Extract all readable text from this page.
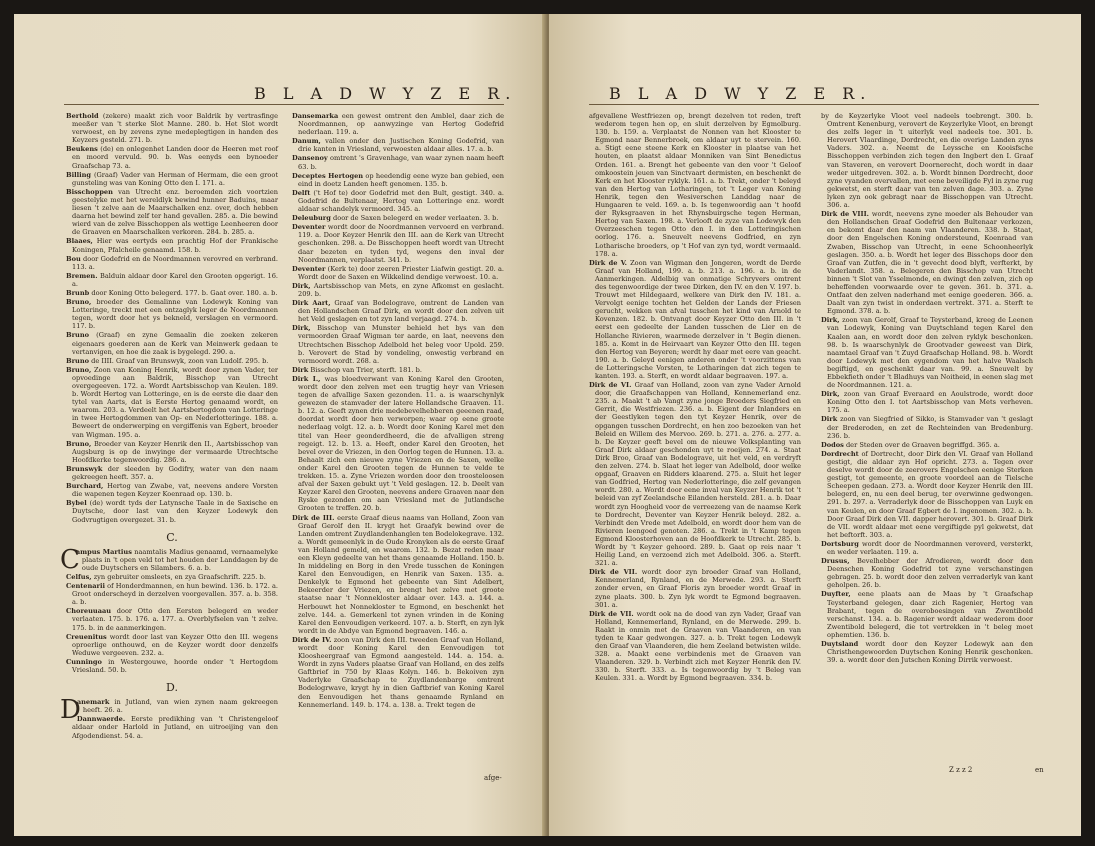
B L A D W Y Z E R.

Berthold (zekere) maakt zich voor Baldrik by vertrasfinge meeßer van 't sterke Slot Manne. 280. b. Het Slot wordt verwoest, en by zevens zyne medeplegtigen in handen des Keyzers gesteld. 271. b.

Beukens (de) en onlegenhet Landen door de Heeren met roof en moord vervuld. 90. b. Was eenyds een bynoeder Graafschap 73. a.

Billing (Graaf) Vader van Herman of Hermam, die een groot gunsteling was van Koning Otto den I. 171. a.

Bisschoppen van Utrecht enz. beroemden zich voortzien geestelyke met het wereldlyk bewind hunner Baduins, maar liesen 't zelve aan de Maarschalken enz. over, doch hebben daarna het bewind zelf ter hand gevallen. 285. a. Die bewind wierd van de zelve Bisschoppen als wettige Leenheeren door de Graaven en Maarschalken verkoren. 284. b. 285. a.

Blaaes, Hier was eertyds een prachtig Hof der Frankische Koningen, Pfalcheile genaamd. 158. b.

Bou door Godefrid en de Noordmannen verovred en verbrand. 113. a.

Bremen. Balduin aldaar door Karel den Grooten opgerigt. 16. a.

Brunb door Koning Otto belegerd. 177. b. Gaat over. 180. a. b.

Bruno, broeder des Gemalinne van Lodewyk Koning van Lotteringe, treckt met een ontzaglyk leger de Noordmannen tegen, wordt door het ys bekneld, verslagen en vermoord. 117. b.

Bruno (Graaf) en zyne Gemaalin die zoeken zekeren eigenaars goederen aan de Kerk van Meinwerk gedaan te vertanvigen, en hoe die zaak is bygelegd. 290. a.

Bruno de IIII. Graaf van Brunswyk, zoon van Ludolf. 295. b.

Bruno, Zoon van Koning Henrik, wordt door zynen Vader, ter opvoedinge aan Baldrik, Bisschop van Utrecht overgegeeven. 172. a. Wordt Aartsbisschop van Keulen. 189. b. Wordt Hertog van Lotteringe, en is de eerste die daar den tytel van Aarts, dat is Eerste Hertog genaamd wordt, en waarom. 203. a. Verdeelt het Aartsbertogdom van Lotteringe in twee Hertogdommen van Op- en Nederlotteringe. 188. a. Beweert de onderwerping en vergiffenis van Egbert, broeder van Wigman. 195. a.

Bruno, Broeder van Keyzer Henrik den II., Aartsbisschop van Augsburg is op de inwyinge der vermaarde Utrechtsche Hoofdkerke tegenwoordig. 286. a.

Brunswyk der sleeden by Godifry, water van den naam gekreegen heeft. 357. a.

Burchard, Hertog van Zwabe, vat, neevens andere Vorsten die wapenen tegen Keyzer Koenraad op. 130. b.

Bybel (de) wordt tyds der Latynsche Taale in de Saxische en Duytsche, door last van den Keyzer Lodewyk den Godvrugtigen overgezet. 31. b.

C.

C
ampus Martius naamtalis Madius genaamd, vernaamelyke plaats in 't open veld tot het houden der Landdagen by de oude Duytschers en Silambers. 6. a. b.

Celfus, zyn gebruiter omsleets, en zya Graafschrift. 225. b.

Centenarii of Honderdmannen, en hun bewind. 136. b. 172. a. Groot onderscheyd in derzelven voorgevallen. 357. a. b. 358. a. b.

Choreuuaau door Otto den Eersten belegerd en weder verlaaten. 175. b. 176. a. 177. a. Overblyfselen van 't zelve. 175. b. in de aanmerkingen.

Creuenitus wordt door last van Keyzer Otto den III. wegens oproerlige onthouwd, en de Keyzer wordt door denzelfs Weduwe vergeeven. 232. a.

Cunningo in Westergouwe, hoorde onder 't Hertogdom Vriesland. 50. b.

D.

D
anemark in Jutland, van wien zynen naam gekreegen heeft. 26. a.

Dannwaerde. Eerste predikhing van 't Christengeloof aldaar onder Harlold in Jutland, en uitroeijing van den Afgodendienst. 54. a.

Dansemarka een gewest omtrent den Amblel, daar zich de Noordmannen, op aanwyzinge van Hertog Godefrid nederlaan. 119. a.

Danum, vallen onder den Justischen Koning Godefrid, van drie kanten in Vriesland, verwoesten aldaar alles. 17. a. b.

Dansenoy omtrent 's Gravenhage, van waar zynen naam heeft 63. b.

Deceptes Hertogen op heedendig eene wyze ban gebied, een eind in doetz Landen heeft genomen. 135. b.

Delft ('t Hof te) door Godefrid met den Bult, gestigt. 340. a. Godefrid de Bultenaar, Hertog van Lotteringe enz. wordt aldaar schandelyk vermoord. 345. a.

Deleuburg door de Saxen belegerd en weder verlaaten. 3. b.

Deventer wordt door de Noordmannen vervoerd en verbrand. 119. a. Door Keyzer Henrik den III. aan de Kerk van Utrecht geschonken. 298. a. De Bisschoppen heeft wordt van Utrecht daar bezeten en tyden tyd, wegens den inval der Noordmannen, verplaatst. 341. b.

Deventer (Kerk te) door zeeren Priester Liafwin gestigt. 20. a. Wordt door de Saxen en Wikkelind dendige verwoest. 10. a.

Dirk, Aartsbisschop van Mets, en zyne Afkomst en geslacht. 209. b.

Dirk Aart, Graaf van Bodelograve, omtrent de Landen van den Hollandschen Graaf Dirk, en wordt door den zelven uit het Veld geslagen en tot zyn land verjaagd. 274. b.

Dirk, Bisschop van Munster behield het bys van den vermoorden Graaf Wigman ter aarde, en laat, neevens den Utrechtschen Bisschop Adelbold het beleg voor Upold. 259. b. Verovert de Stad by vondeling, onwestig verbrand en vermoord wordt. 268. a.

Dirk Bisschop van Trier, sterft. 181. b.

Dirk I., was bloedverwant van Koning Karel den Grooten, wordt door den zelven met een trugtig heyr van Vriesen tegen de afvallige Saxen gezonden. 11. a. is waarschynlyk gewezen de stamvader der latere Hollandsche Graaven. 11. b. 12. a. Geeft zynen drie medebevelhebberen geeenen raad, doordat wordt door hen verworpen; waar op eene groote nederlaag volgt. 12. a. b. Wordt door Koning Karel met den titel van Heer geonderdheerd, die de afvalligen streng regeigt. 12. b. 13. a. Heeft, onder Karel den Grooten, het bevel over de Vriezen, in den Oorlog tegen de Hunnen. 13. a. Behaalt zich een nieuwe zyne Vriezen en de Saxen, welke onder Karel den Grooten tegen de Hunnen te velde te trekken. 15. a. Zyne Vriezen worden door den troosteloosen afval der Saxen gebukt uyt 't Veld geslagen. 12. b. Deelt van Keyzer Karel den Grooten, neevens andere Graaven naar den Ryske gezonden om aan Vriesland met de Jutlandsche Grooten te treffen. 20. b.

Dirk de III. eerste Graaf dieus naams van Holland, Zoon van Graaf Gerolf den II. krygt het Graafyk bewind over de Landen omtrent Zuydlandenhanglen ten Bodelokegrave. 132. a. Wordt gemeenlyk in de Oude Kronyken als de eerste Graaf van Holland gemeld, en waarom. 132. b. Bezat reden maar een Kleyn gedeelte van het thans genaamde Holland. 150. b. In middeling en Borg in den Vrede tusschen de Koningen Karel den Eenvoudigen, en Henrik van Saxen. 135. a. Denkelyk te Egmond het gebeente van Sint Adelbert, Bekeerder der Vriezen, en brengt het zelve met groote staatse naar 't Nonnekloster aldaar over. 143. a. 144. a. Herbouwt het Nonnekloster te Egmond, en beschenkt het zelve. 144. a. Gemerkenl tot zynen vrinden in de Koning Karel den Eenvoudigen verkeerd. 107. a. b. Sterft, en zyn lyk wordt in de Abdye van Egmond begraaven. 146. a.

Dirk de IV. zoon van Dirk den III. tweeden Graaf van Holland, wordt door Koning Karel den Eenvoudigen tot Kloosheergraaf van Egmond aangesteld. 144. a. 154. a. Wordt in zyns Vaders plaatse Graaf van Holland, en des zelfs Gaftbrief in 750 by Klaas Kolyn. 146. b. Bekoiven zyn Vaderlyke Graafschap te Zuydlandenbarge omtrent Bodelogrwave, krygt hy in dien Gaftbrief van Koning Karel den Eenvoudigen het thans genaamde Rynland en Kennemerland. 149. b. 174. a. 138. a. Trekt tegen de

afge-
B L A D W Y Z E R.

afgevallene Westfriezen op, brengt dezelven tot reden, treft wederom tegen hen op, en sluit derzelven by Egmolburg. 130. b. 159. a. Verplaatst de Nonnen van het Klooster te Egmond naar Bennerbroek, om aldaar uyt te stervein. 160. a. Stigt eene steene Kerk en Klooster in plaatse van het houten, en plaatst aldaar Monniken van Sint Benedictus Orden. 161. a. Brengt het gebeente van den voor 't Geloof omkoostein jeuen van Sinctvaart dermisten, en beschenkt de Kerk en het Klooster ryklyk. 161. a. b. Trekt, onder 't beleyd van den Hertog van Lotharingen, tot 't Leger van Koning Henrik, tegen den Wesiverschen Landdag naar de Hungaaren te veld. 169. a. b. Is tegenwoordig aan 't hoofd der Ryksgraaven in het Rhynsbuirgsche tegen Herman, Hertog van Saxen. 198. a. Verlooft de zyze van Lodewyk den Overzeeschen tegen Otto den I. in den Lotteringischen oorlog. 176. a. Sneuvelt neevens Godfried, en zyn Lotharische broeders, op 't Hof van zyn tyd, wordt vermaald. 178. a.

Dirk de V. Zoon van Wigman den Jongeren, wordt de Derde Graaf van Holland, 199. a. b. 213. a. 196. a. b. in de Aanmerkingen. Aldelbig van onmatige Schryvers omtrent des tegenwoordige der twee Dirken, den IV. en den V. 197. b. Trouwt met Hildegaard, welkere van Dirk den IV. 181. a. Vervolgt eenige tochten het Gelden der Lands der Friesen gerucht, wekken van afval tusschen het kind van Arnold te Kovenzen. 182. b. Ontvangt door Keyzer Otto den III. in 't eerst een gedeelte der Landen tusschen de Lier en de Hollanche Rivieren, waarmede derzelver in 't Begin dienen. 185. a. Komt in de Heirvaart van Keyzer Otto den III. tegen den Hertog van Beyeren; werdt hy daar met eere van geacht. 190. a. b. Geleyd eenigen anderen onder 't voorzittens van de Lotteringsche Vorsten, te Lotharingen dat zich tegen te kanten. 193. a. Sterft, en wordt aldaar begraaven. 197. a.

Dirk de VI. Graaf van Holland, zoon van zyne Vader Arnold door, die Graafschappen van Holland, Kennemerland enz. 235. a. Maakt 't ab Vangt zyne jonge Broeders Siegfried en Gerrit, die Westfriezen. 236. a. b. Eigent der Inlanders en der Geestlyken tegen den tyt Keyzer Henrik, over de opgangen tusschen Dordrecht, en hen zoo bezoeken van het Beleid en Willem des Mervoo. 269. b. 271. a. 276. a. 277. a. b. De Keyzer geeft bevel om de nieuwe Volksplanting van Graaf Dirk aldaar geschonden uyt te roeijen. 274. a. Staat Dirk Broo, Graaf van Bodelograve, uit het veld, en verdryft den zelven. 274. b. Slaat het leger van Adelbold, door welke opgaaf, Graaven en Ridders klaarend. 275. a. Sluit het leger van Godfried, Hertog van Nederlotteringe, die zelf gevangen wordt. 280. a. Wordt door eene inval van Keyzer Henrik tot 't beleid van zyf Zeelandsche Eilanden hersteld. 281. a. b. Daar wordt zyn Hoogheid voor de verreezeng van de naamse Kerk te Dordrecht, Deventer van Keyzer Henrik beleyd. 282. a. Verbindt den Vrede met Adelbold, en wordt door hem van de Rivieren leengoed genoten. 286. a. Trekt in 't Kamp tegen Egmond Kloosterhoven aan de Hoofdkerk te Utrecht. 285. b. Wordt by 't Keyzer gehoord. 289. b. Gaat op reis naar 't Heilig Land, en verzoend zich met Adelbold. 306. a. Sterft. 321. a.

Dirk de VII. wordt door zyn broeder Graaf van Holland, Kennemerland, Rynland, en de Merwede. 293. a. Sterft zonder erven, en Graaf Floris zyn broeder wordt Graaf in zyne plaats. 300. b. Zyn lyk wordt te Egmond begraaven. 301. a.

Dirk de VII. wordt ook na de dood van zyn Vader, Graaf van Holland, Kennemerland, Rynland, en de Merwede. 299. b. Raakt in onmin met de Graaven van Vlaanderen, en van tyden te Kaar gedwongen. 327. a. b. Trekt tegen Lodewyk den Graaf van Vlaanderen, die hem Zeeland betwisten wilde. 328. a. Maakt eene verbindenis met de Graaven van Vlaanderen. 329. b. Verbindt zich met Keyzer Henrik den IV. 330. b. Sterft. 333. a. Is tegenwoordig by 't Beleg van Keulen. 331. a. Wordt by Egmond begraaven. 334. b.

by de Keyzerlyke Vloot veel nadeels toebrengt. 300. b. Omtrent Kenenburg, verovert de Keyzerlyke Vloot, en brengt des zelfs leger in 't uiterlyk veel nadeels toe. 301. b. Herovert Vlaardinge, Dordrecht, en die overige Landen zyns Vaders. 302. a. Neemt de Leyssche en Kooisfsche Bisschoppen verbinden zich tegen den Ingbert den I. Graaf van Staveren, en verovert Doornerecht, doch wordt in daar weder uitgedreven. 302. a. b. Wordt binnen Dordrecht, door zyne vyanden overvallen, met eene beveiligde Fyl in zyne rug gekwetst, en sterft daar van ten zelven dage. 303. a. Zyne lyken zyn ook gebragt naar de Bisschoppen van Utrecht. 306. a.

Dirk de VIII. wordt, neevens zyne moeder als Behouder van den Hollandschen Graaf Godefrid den Bultenaar verkozen, en bekomt daar den naam van Vlaanderen. 338. b. Staat, door den Engelschen Koning ondersteund, Koenraad van Zwaben, Bisschop van Utrecht, in eene Schoonheerlyk geslagen. 350. a. b. Wordt het leger des Bisschops door den Graaf van Zutfen, die in 't gevecht dood blyft, verfterkt, by Vaderlandt. 358. a. Belegeren den Bisschop van Utrecht binnen 't Slot van Ysselmonde, en dwingt den zelven, zich op beheffenden voorwaarde over te geven. 361. b. 371. a. Ontfaat den zelven naderhand met eenige goederen. 366. a. Daalt van zyn twist in onderdaen vertrekt. 371. a. Sterft te Egmond. 378. a. b.

Dirk, zoon van Gerolf, Graaf te Teysterband, kreeg de Leenen van Lodewyk, Koning van Duytschland tegen Karel den Kaalen aan, en wordt door den zelven ryklyk beschonken. 98. b. Is waarschynlyk de Grootvader geweest van Dirk, naamtael Graaf van 't Zuyd Graafschap Holland. 98. b. Wordt door Lodewyk met den eygendom van het halve Waalsch begiftigd, en geschenkt daar van. 99. a. Sneuvelt by Ebbekfieth onder 't Bladhuys van Noitheid, in eenen slag met de Noordmannen. 121. a.

Dirk, zoon van Graaf Everaard en Aoulstrode, wordt door Koning Otto den I. tot Aartsbisschop van Mets verheven. 175. a.

Dirk zoon van Siegfried of Sikko, is Stamvader van 't geslagt der Brederoden, en zet de Rechteinden van Bredenburg. 236. b.

Dodos der Steden over de Graaven begriffgd. 365. a.

Dordrecht of Dortrecht, door Dirk den VI. Graaf van Holland gestigt, die aldaar zyn Hof opricht. 273. a. Tegen over deselve wordt door de zeerovers Engelschen eenige Sterken gestigt, tot gemeente, en groote voordeel aan de Tielsche Scheepen gedaan. 273. a. Wordt door Keyzer Henrik den III. belegerd, en, nu een deel berug, ter overwinne gedwongen. 291. b. 297. a. Verraderlyk door de Bisschoppen van Luyk en van Keulen, en door Graaf Egbert de I. ingenomen. 302. a. b. Door Graaf Dirk den VII. dapper herovert. 301. b. Graaf Dirk de VII. wordt aldaar met eene vergiftigde pyl gekwetst, dat het beftorft. 303. a.

Dortsburg wordt door de Noordmannen veroverd, versterkt, en weder verlaaten. 119. a.

Drusus, Bevelhebber der Afrodieren, wordt door den Deenschen Koning Godefrid tot zyne verschanstingen gebragen. 25. b. wordt door den zelven verraderlyk van kant geholpen. 26. b.

Duyfter, eene plaats aan de Maas by 't Graafschap Teysterband gelegen, daar zich Ragenier, Hertog van Brabant, tegen de overoboesingen van Zwentibold verschanst. 134. a. b. Ragenier wordt aldaar wederom door Zwentibold belegerd, die tot vertrekken in 't beleg moet ophemtien. 136. b.

Duytsland wordt door den Keyzer Lodewyk aan den Christhengewoorden Duytschen Koning Henrik geschonken. 39. a. wordt door den Jutschen Koning Dirrik verwoest.

Z z z 2	en
